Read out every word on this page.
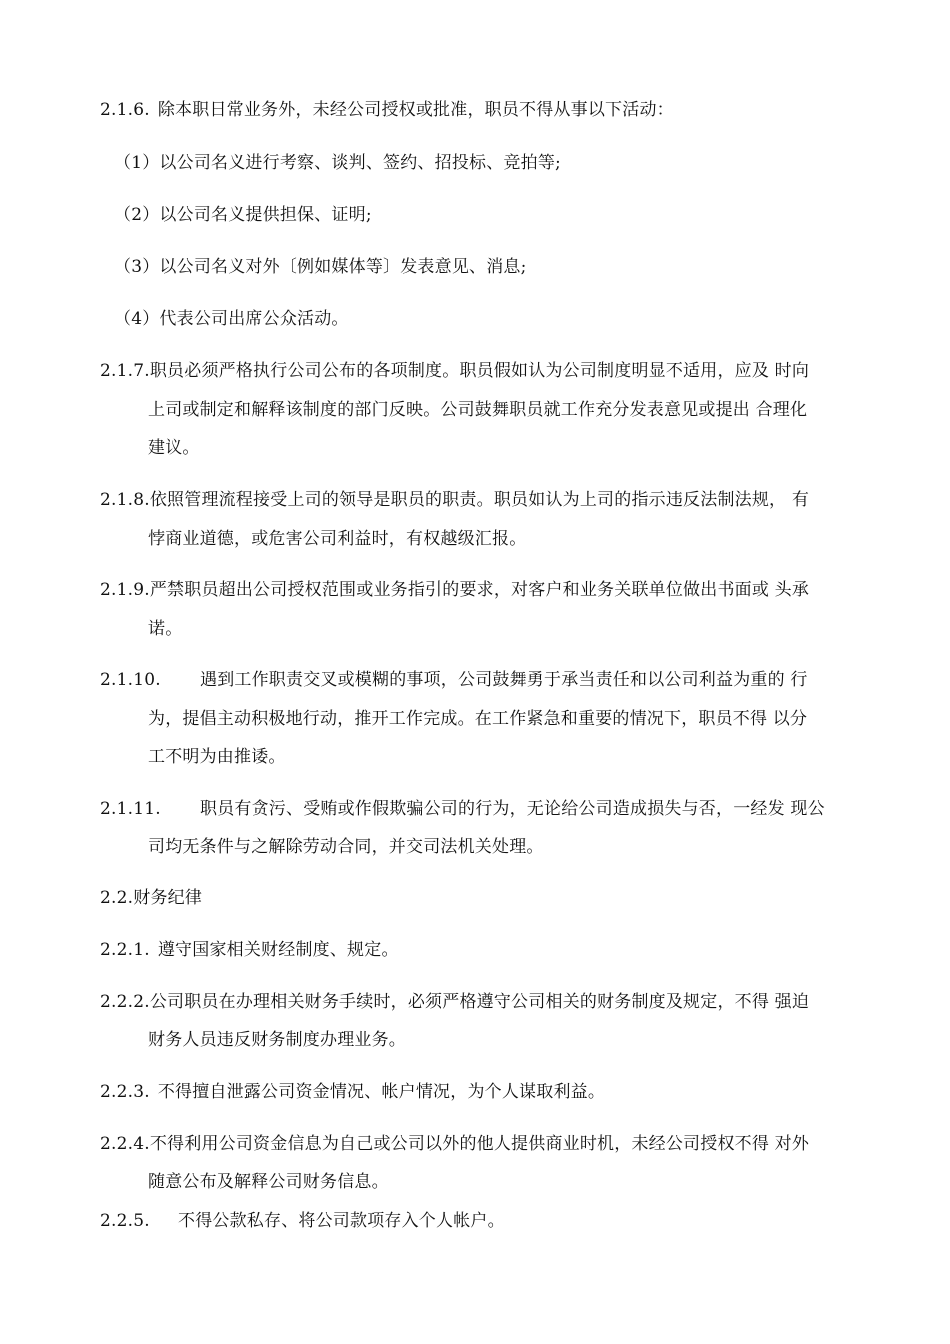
2.1.6. 除本职日常业务外，未经公司授权或批准，职员不得从事以下活动：
（1）以公司名义进行考察、谈判、签约、招投标、竞拍等;
（2）以公司名义提供担保、证明;
（3）以公司名义对外〔例如媒体等〕发表意见、消息;
（4）代表公司出席公众活动。
2.1.7.职员必须严格执行公司公布的各项制度。职员假如认为公司制度明显不适用，应及 时向
上司或制定和解释该制度的部门反映。公司鼓舞职员就工作充分发表意见或提出 合理化
建议。
2.1.8.依照管理流程接受上司的领导是职员的职责。职员如认为上司的指示违反法制法规， 有
悖商业道德，或危害公司利益时，有权越级汇报。
2.1.9.严禁职员超出公司授权范围或业务指引的要求，对客户和业务关联单位做出书面或 头承
诺。
2.1.10. 遇到工作职责交叉或模糊的事项，公司鼓舞勇于承当责任和以公司利益为重的 行
为，提倡主动积极地行动，推开工作完成。在工作紧急和重要的情况下，职员不得 以分
工不明为由推诿。
2.1.11. 职员有贪污、受贿或作假欺骗公司的行为，无论给公司造成损失与否，一经发 现公
司均无条件与之解除劳动合同，并交司法机关处理。
2.2.财务纪律
2.2.1. 遵守国家相关财经制度、规定。
2.2.2.公司职员在办理相关财务手续时，必须严格遵守公司相关的财务制度及规定，不得 强迫
财务人员违反财务制度办理业务。
2.2.3. 不得擅自泄露公司资金情况、帐户情况，为个人谋取利益。
2.2.4.不得利用公司资金信息为自己或公司以外的他人提供商业时机，未经公司授权不得 对外
随意公布及解释公司财务信息。
2.2.5. 不得公款私存、将公司款项存入个人帐户。
